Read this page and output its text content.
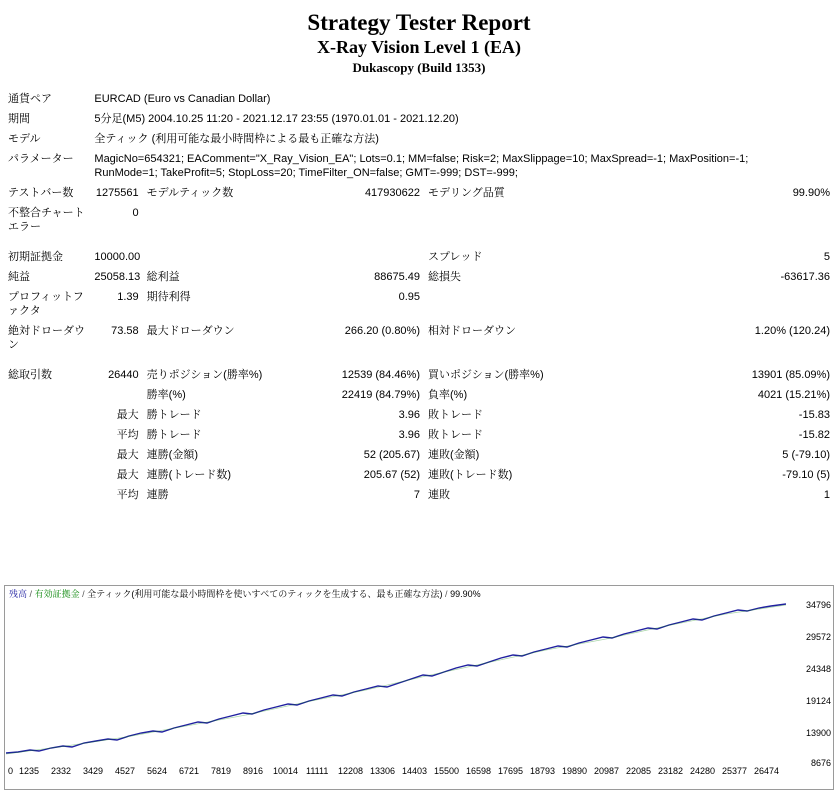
Strategy Tester Report
X-Ray Vision Level 1 (EA)
Dukascopy (Build 1353)
通貨ペア	EURCAD (Euro vs Canadian Dollar)				
期間	5分足(M5) 2004.10.25 11:20 - 2021.12.17 23:55 (1970.01.01 - 2021.12.20)				
モデル	全ティック (利用可能な最小時間枠による最も正確な方法)				
パラメーター	MagicNo=654321; EAComment="X_Ray_Vision_EA"; Lots=0.1; MM=false; Risk=2; MaxSlippage=10; MaxSpread=-1; MaxPosition=-1;
RunMode=1; TakeProfit=5; StopLoss=20; TimeFilter_ON=false; GMT=-999; DST=-999;				

テストバー数	1275561	モデルティック数	417930622	モデリング品質	99.90%
不整合チャートエラー	0				

初期証拠金	10000.00			スプレッド	5
純益	25058.13	総利益	88675.49	総損失	-63617.36
プロフィットファクタ	1.39	期待利得	0.95		
絶対ドローダウン	73.58	最大ドローダウン	266.20 (0.80%)	相対ドローダウン	1.20% (120.24)

総取引数	26440	売りポジション(勝率%)	12539 (84.46%)	買いポジション(勝率%)	13901 (85.09%)
		勝率(%)	22419 (84.79%)	負率(%)	4021 (15.21%)
	最大	勝トレード	3.96	敗トレード	-15.83
	平均	勝トレード	3.96	敗トレード	-15.82
	最大	連勝(金額)	52 (205.67)	連敗(金額)	5 (-79.10)
	最大	連勝(トレード数)	205.67 (52)	連敗(トレード数)	-79.10 (5)
	平均	連勝	7	連敗	1
残高 / 有効証拠金 / 全ティック(利用可能な最小時間枠を使いすべてのティックを生成する、最も正確な方法) / 99.90%
34796
29572
24348
19124
13900
8676
0 1235 2332 3429 4527 5624 6721 7819 8916 10014 11111 12208 13306 14403 15500 16598 17695 18793 19890 20987 22085 23182 24280 25377 26474
